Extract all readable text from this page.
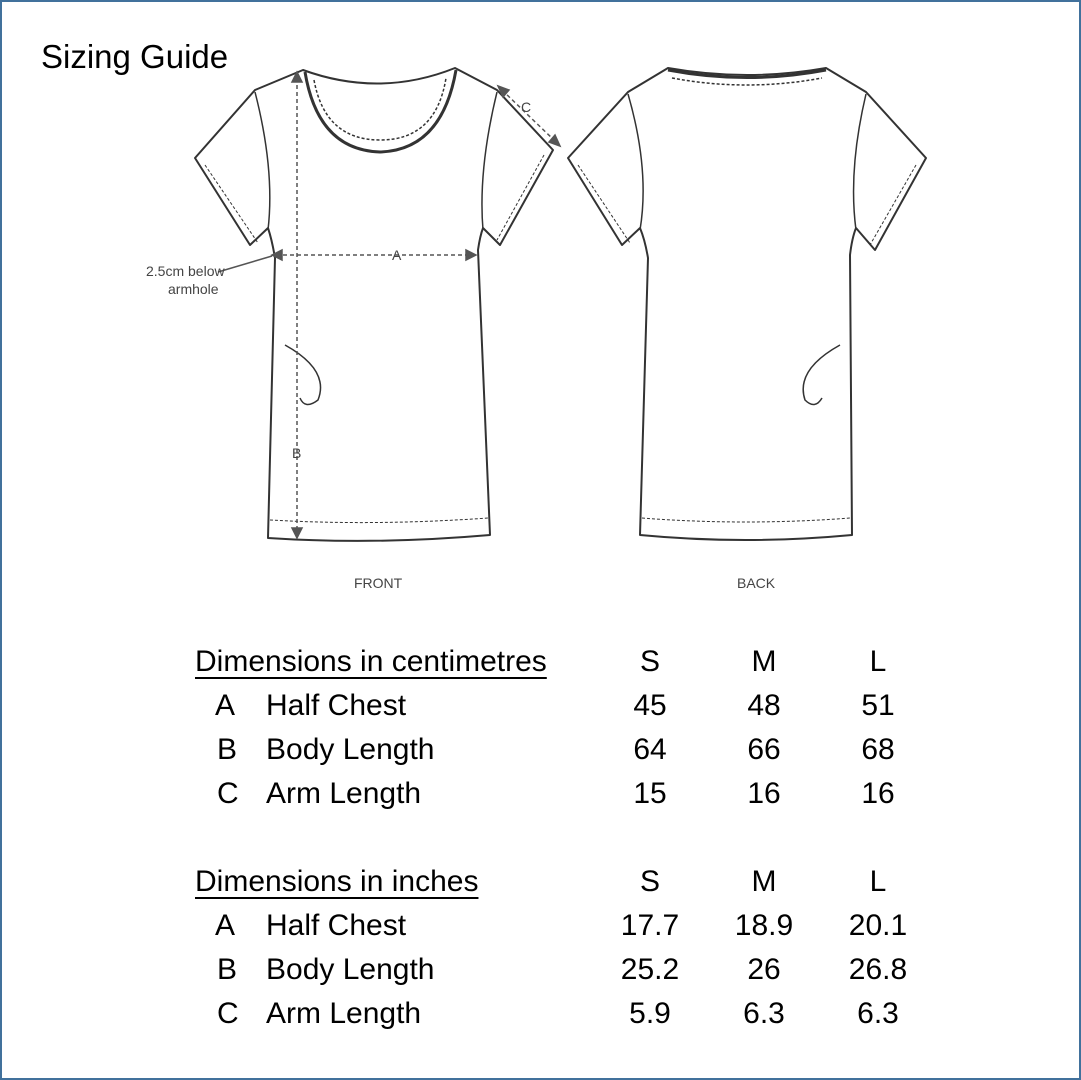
Sizing Guide
A
B
C
2.5cm below
armhole
FRONT	BACK
Dimensions in centimetres	S	M	L
A Half Chest	45	48	51
B Body Length	64	66	68
C Arm Length	15	16	16
Dimensions in inches	S	M	L
A Half Chest	17.7	18.9	20.1
B Body Length	25.2	26	26.8
C Arm Length	5.9	6.3	6.3
